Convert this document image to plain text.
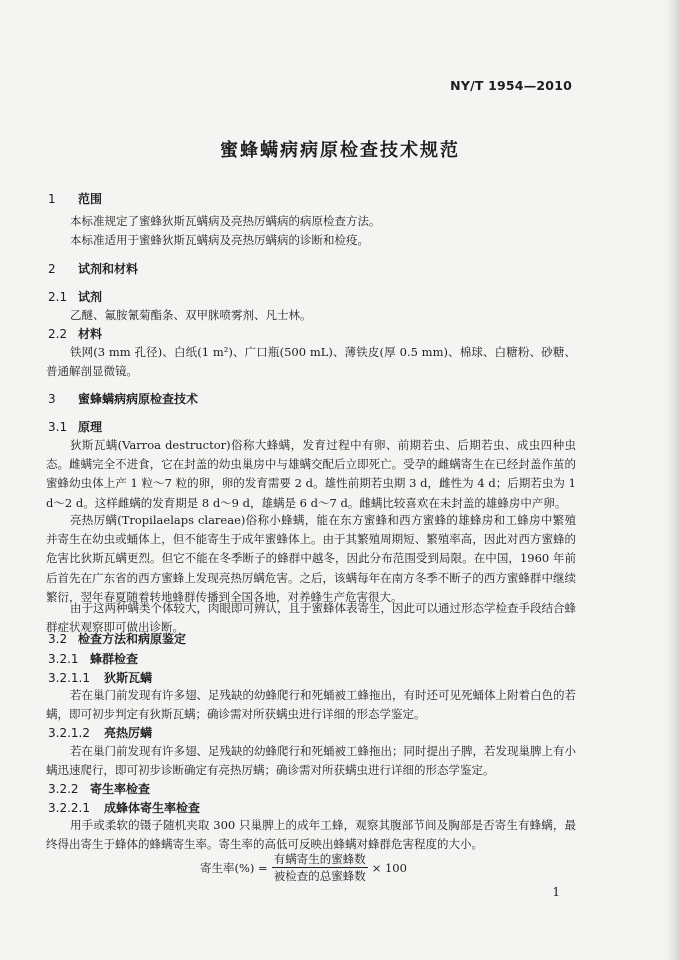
NY/T 1954—2010
蜜蜂螨病病原检查技术规范
1 范围
本标准规定了蜜蜂狄斯瓦螨病及亮热厉螨病的病原检查方法。
本标准适用于蜜蜂狄斯瓦螨病及亮热厉螨病的诊断和检疫。
2 试剂和材料
2.1 试剂
乙醚、氟胺氰菊酯条、双甲脒喷雾剂、凡士林。
2.2 材料
铁网(3 mm 孔径)、白纸(1 m²)、广口瓶(500 mL)、薄铁皮(厚 0.5 mm)、棉球、白糖粉、砂糖、普通解剖显微镜。
3 蜜蜂螨病病原检查技术
3.1 原理
狄斯瓦螨(Varroa destructor)俗称大蜂螨，发育过程中有卵、前期若虫、后期若虫、成虫四种虫态。雌螨完全不进食，它在封盖的幼虫巢房中与雄螨交配后立即死亡。受孕的雌螨寄生在已经封盖作茧的蜜蜂幼虫体上产 1 粒～7 粒的卵，卵的发育需要 2 d。雄性前期若虫期 3 d，雌性为 4 d；后期若虫为 1 d～2 d。这样雌螨的发育期是 8 d～9 d，雄螨是 6 d～7 d。雌螨比较喜欢在未封盖的雄蜂房中产卵。
亮热厉螨(Tropilaelaps clareae)俗称小蜂螨，能在东方蜜蜂和西方蜜蜂的雄蜂房和工蜂房中繁殖并寄生在幼虫或蛹体上，但不能寄生于成年蜜蜂体上。由于其繁殖周期短、繁殖率高，因此对西方蜜蜂的危害比狄斯瓦螨更烈。但它不能在冬季断子的蜂群中越冬，因此分布范围受到局限。在中国，1960 年前后首先在广东省的西方蜜蜂上发现亮热厉螨危害。之后，该螨每年在南方冬季不断子的西方蜜蜂群中继续繁衍，翌年春夏随着转地蜂群传播到全国各地，对养蜂生产危害很大。
由于这两种螨类个体较大，肉眼即可辨认，且于蜜蜂体表寄生，因此可以通过形态学检查手段结合蜂群症状观察即可做出诊断。
3.2 检查方法和病原鉴定
3.2.1 蜂群检查
3.2.1.1 狄斯瓦螨
若在巢门前发现有许多翅、足残缺的幼蜂爬行和死蛹被工蜂拖出，有时还可见死蛹体上附着白色的若螨，即可初步判定有狄斯瓦螨；确诊需对所获螨虫进行详细的形态学鉴定。
3.2.1.2 亮热厉螨
若在巢门前发现有许多翅、足残缺的幼蜂爬行和死蛹被工蜂拖出；同时提出子脾，若发现巢脾上有小螨迅速爬行，即可初步诊断确定有亮热厉螨；确诊需对所获螨虫进行详细的形态学鉴定。
3.2.2 寄生率检查
3.2.2.1 成蜂体寄生率检查
用手或柔软的镊子随机夹取 300 只巢脾上的成年工蜂，观察其腹部节间及胸部是否寄生有蜂螨，最终得出寄生于蜂体的蜂螨寄生率。寄生率的高低可反映出蜂螨对蜂群危害程度的大小。
寄生率(%) = $\frac{\text{有螨寄生的蜜蜂数}}{\text{被检查的总蜜蜂数}} \times 100$
1
